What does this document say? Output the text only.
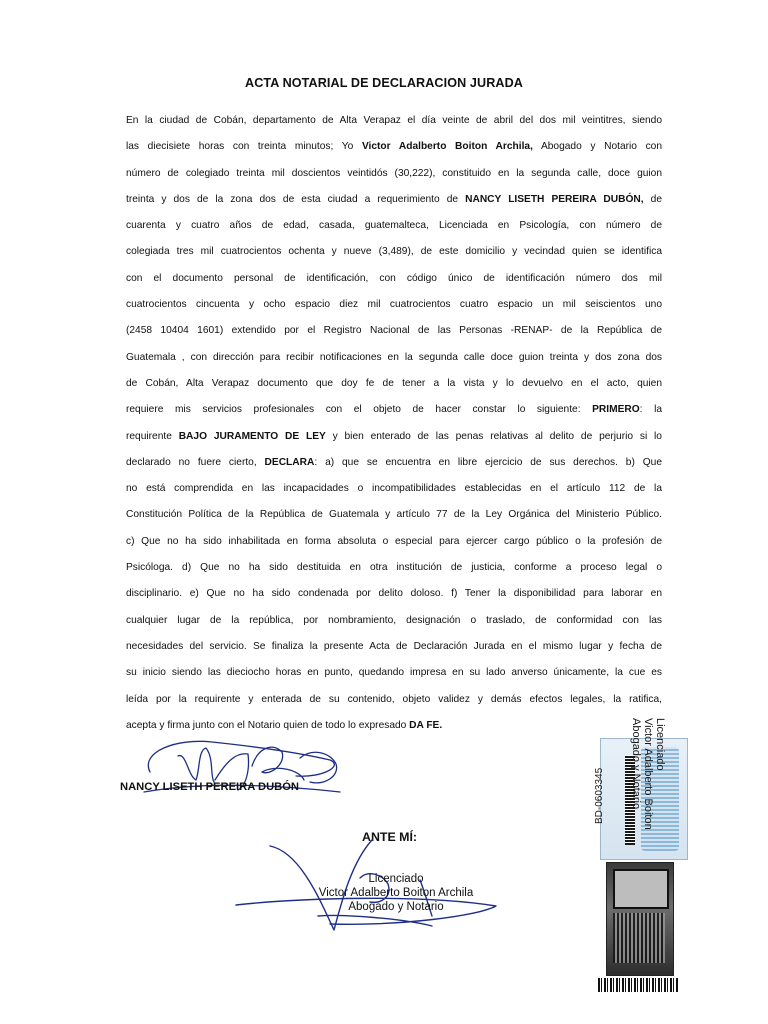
ACTA NOTARIAL DE DECLARACION JURADA
En la ciudad de Cobán, departamento de Alta Verapaz el día veinte de abril del dos mil veintitres, siendo
las diecisiete horas con treinta minutos; Yo Victor Adalberto Boiton Archila, Abogado y Notario con
número de colegiado treinta mil doscientos veintidós (30,222), constituido en la segunda calle, doce guion
treinta y dos de la zona dos de esta ciudad a requerimiento de NANCY LISETH PEREIRA DUBÓN, de
cuarenta y cuatro años de edad, casada, guatemalteca, Licenciada en Psicología, con número de
colegiada tres mil cuatrocientos ochenta y nueve (3,489), de este domicilio y vecindad quien se identifica
con el documento personal de identificación, con código único de identificación número dos mil
cuatrocientos cincuenta y ocho espacio diez mil cuatrocientos cuatro espacio un mil seiscientos uno
(2458 10404 1601) extendido por el Registro Nacional de las Personas -RENAP- de la República de
Guatemala , con dirección para recibir notificaciones en la segunda calle doce guion treinta y dos zona dos
de Cobán, Alta Verapaz documento que doy fe de tener a la vista y lo devuelvo en el acto, quien
requiere mis servicios profesionales con el objeto de hacer constar lo siguiente: PRIMERO: la
requirente BAJO JURAMENTO DE LEY y bien enterado de las penas relativas al delito de perjurio si lo
declarado no fuere cierto, DECLARA: a) que se encuentra en libre ejercicio de sus derechos. b) Que
no está comprendida en las incapacidades o incompatibilidades establecidas en el artículo 112 de la
Constitución Política de la República de Guatemala y artículo 77 de la Ley Orgánica del Ministerio Público.
c) Que no ha sido inhabilitada en forma absoluta o especial para ejercer cargo público o la profesión de
Psicóloga. d) Que no ha sido destituida en otra institución de justicia, conforme a proceso legal o
disciplinario. e) Que no ha sido condenada por delito doloso. f) Tener la disponibilidad para laborar en
cualquier lugar de la república, por nombramiento, designación o traslado, de conformidad con las
necesidades del servicio. Se finaliza la presente Acta de Declaración Jurada en el mismo lugar y fecha de
su inicio siendo las dieciocho horas en punto, quedando impresa en su lado anverso únicamente, la cue es
leída por la requirente y enterada de su contenido, objeto validez y demás efectos legales, la ratifica,
acepta y firma junto con el Notario quien de todo lo expresado DA FE.
NANCY LISETH PEREIRA DUBÓN
ANTE MÍ:
Licenciado
Victor Adalberto Boiton Archila
Abogado y Notario
BD-0603345
Licenciado
Victor Adalberto Boiton
Abogado y Notario
